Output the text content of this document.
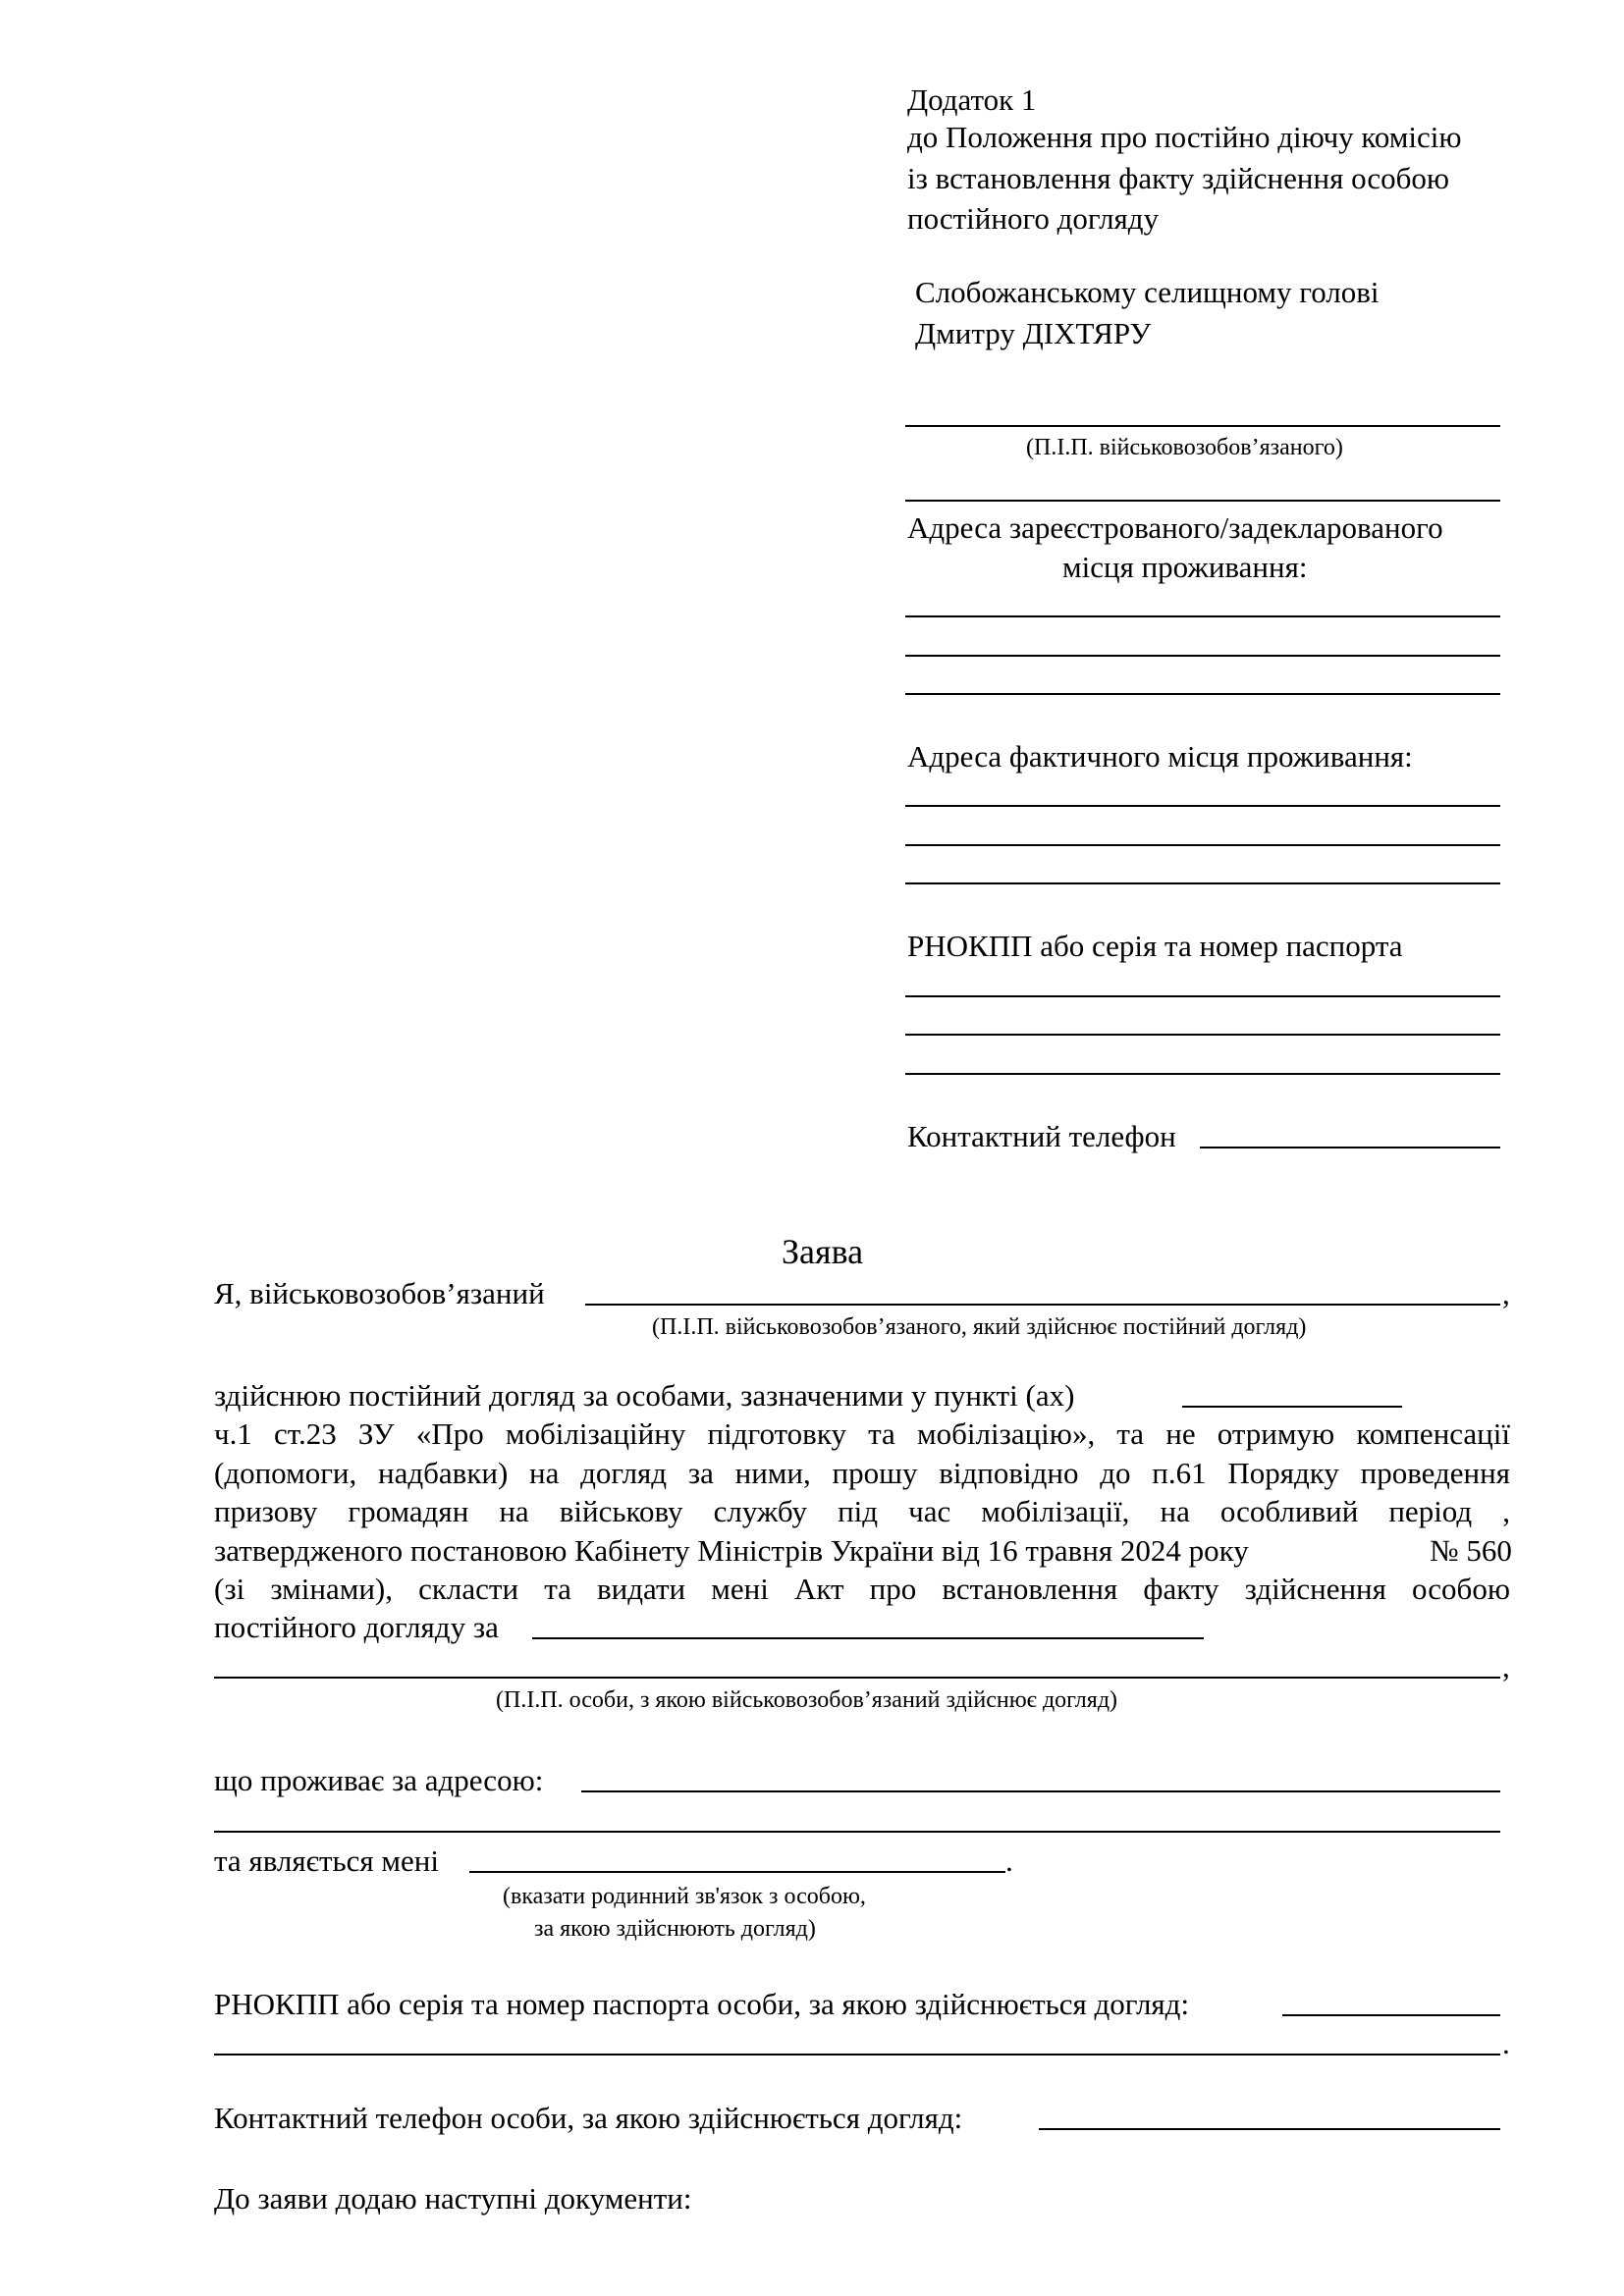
Додаток 1
до Положення про постійно діючу комісію
із встановлення факту здійснення особою
постійного догляду
Слобожанському селищному голові
Дмитру ДІХТЯРУ
(П.І.П. військовозобов’язаного)
Адреса зареєстрованого/задекларованого
місця проживання:
Адреса фактичного місця проживання:
РНОКПП або серія та номер паспорта
Контактний телефон
Заява
Я, військовозобов’язаний	,
(П.І.П. військовозобов’язаного, який здійснює постійний догляд)
здійснюю постійний догляд за особами, зазначеними у пункті (ах)
ч.1 ст.23 ЗУ «Про мобілізаційну підготовку та мобілізацію», та не отримую компенсації
(допомоги, надбавки) на догляд за ними, прошу відповідно до п.61 Порядку проведення
призову громадян на військову службу під час мобілізації, на особливий період ,
затвердженого постановою Кабінету Міністрів України від 16 травня 2024 року	№ 560
(зі змінами), скласти та видати мені Акт про встановлення факту здійснення особою
постійного догляду за
,
(П.І.П. особи, з якою військовозобов’язаний здійснює догляд)
що проживає за адресою:
та являється мені	.
(вказати родинний зв'язок з особою,
за якою здійснюють догляд)
РНОКПП або серія та номер паспорта особи, за якою здійснюється догляд:
.
Контактний телефон особи, за якою здійснюється догляд:
До заяви додаю наступні документи:
